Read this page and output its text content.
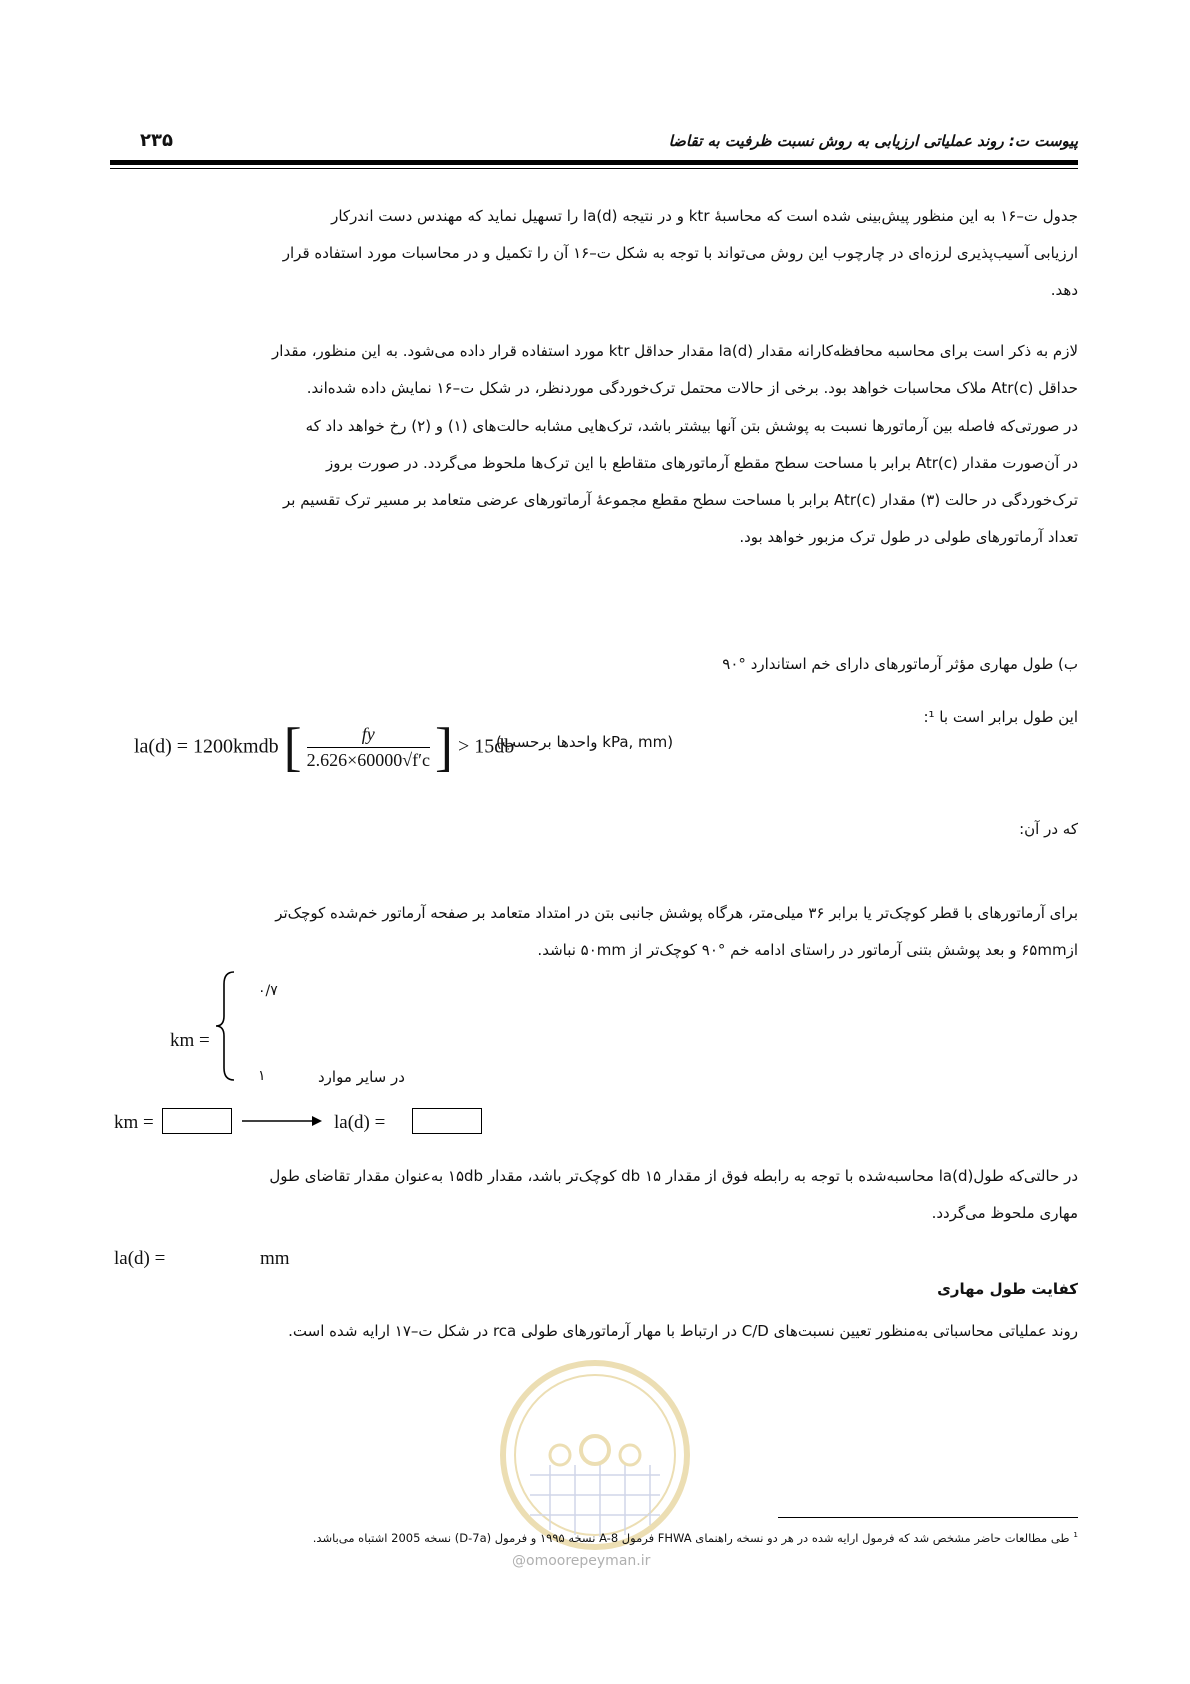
۲۳۵	پیوست ت: روند عملیاتی ارزیابی به روش نسبت ظرفیت به تقاضا
جدول ت–۱۶ به این منظور پیش‌بینی شده است که محاسبهٔ ktr و در نتیجه la(d) را تسهیل نماید که مهندس دست اندرکار
ارزیابی آسیب‌پذیری لرزه‌ای در چارچوب این روش می‌تواند با توجه به شکل ت–۱۶ آن را تکمیل و در محاسبات مورد استفاده قرار
دهد.
لازم به ذکر است برای محاسبه محافظه‌کارانه مقدار la(d) مقدار حداقل ktr مورد استفاده قرار داده می‌شود. به این منظور، مقدار
حداقل Atr(c) ملاک محاسبات خواهد بود. برخی از حالات محتمل ترک‌خوردگی موردنظر، در شکل ت–۱۶ نمایش داده شده‌اند.
در صورتی‌که فاصله بین آرماتورها نسبت به پوشش بتن آنها بیشتر باشد، ترک‌هایی مشابه حالت‌های (۱) و (۲) رخ خواهد داد که
در آن‌صورت مقدار Atr(c) برابر با مساحت سطح مقطع آرماتورهای متقاطع با این ترک‌ها ملحوظ می‌گردد. در صورت بروز
ترک‌خوردگی در حالت (۳) مقدار Atr(c) برابر با مساحت سطح مقطع مجموعهٔ آرماتورهای عرضی متعامد بر مسیر ترک تقسیم بر
تعداد آرماتورهای طولی در طول ترک مزبور خواهد بود.
ب) طول مهاری مؤثر آرماتورهای دارای خم استاندارد °۹۰
این طول برابر است با ¹:
la(d) = 1200kmdb [ $\frac{fy}{2.626\times 60000√f'c}$ ] > 15db
(kPa, mm واحدها برحسب)
که در آن:
برای آرماتورهای با قطر کوچک‌تر یا برابر ۳۶ میلی‌متر، هرگاه پوشش جانبی بتن در امتداد متعامد بر صفحه آرماتور خم‌شده کوچک‌تر
از۶۵mm و بعد پوشش بتنی آرماتور در راستای ادامه خم °۹۰ کوچک‌تر از ۵۰mm نباشد.
km =
۰/۷
۱	در سایر موارد
km =	la(d) =
در حالتی‌که طولla(d) محاسبه‌شده با توجه به رابطه فوق از مقدار ۱۵ db کوچک‌تر باشد، مقدار ۱۵db به‌عنوان مقدار تقاضای طول
مهاری ملحوظ می‌گردد.
la(d) =	mm
کفایت طول مهاری
روند عملیاتی محاسباتی به‌منظور تعیین نسبت‌های C/D در ارتباط با مهار آرماتورهای طولی rca در شکل ت–۱۷ ارایه شده است.
@omoorepeyman.ir
$^1$ طی مطالعات حاضر مشخص شد که فرمول ارایه شده در هر دو نسخه راهنمای FHWA فرمول A-8 نسخه ۱۹۹۵ و فرمول (D-7a) نسخه 2005 اشتباه می‌باشد.
